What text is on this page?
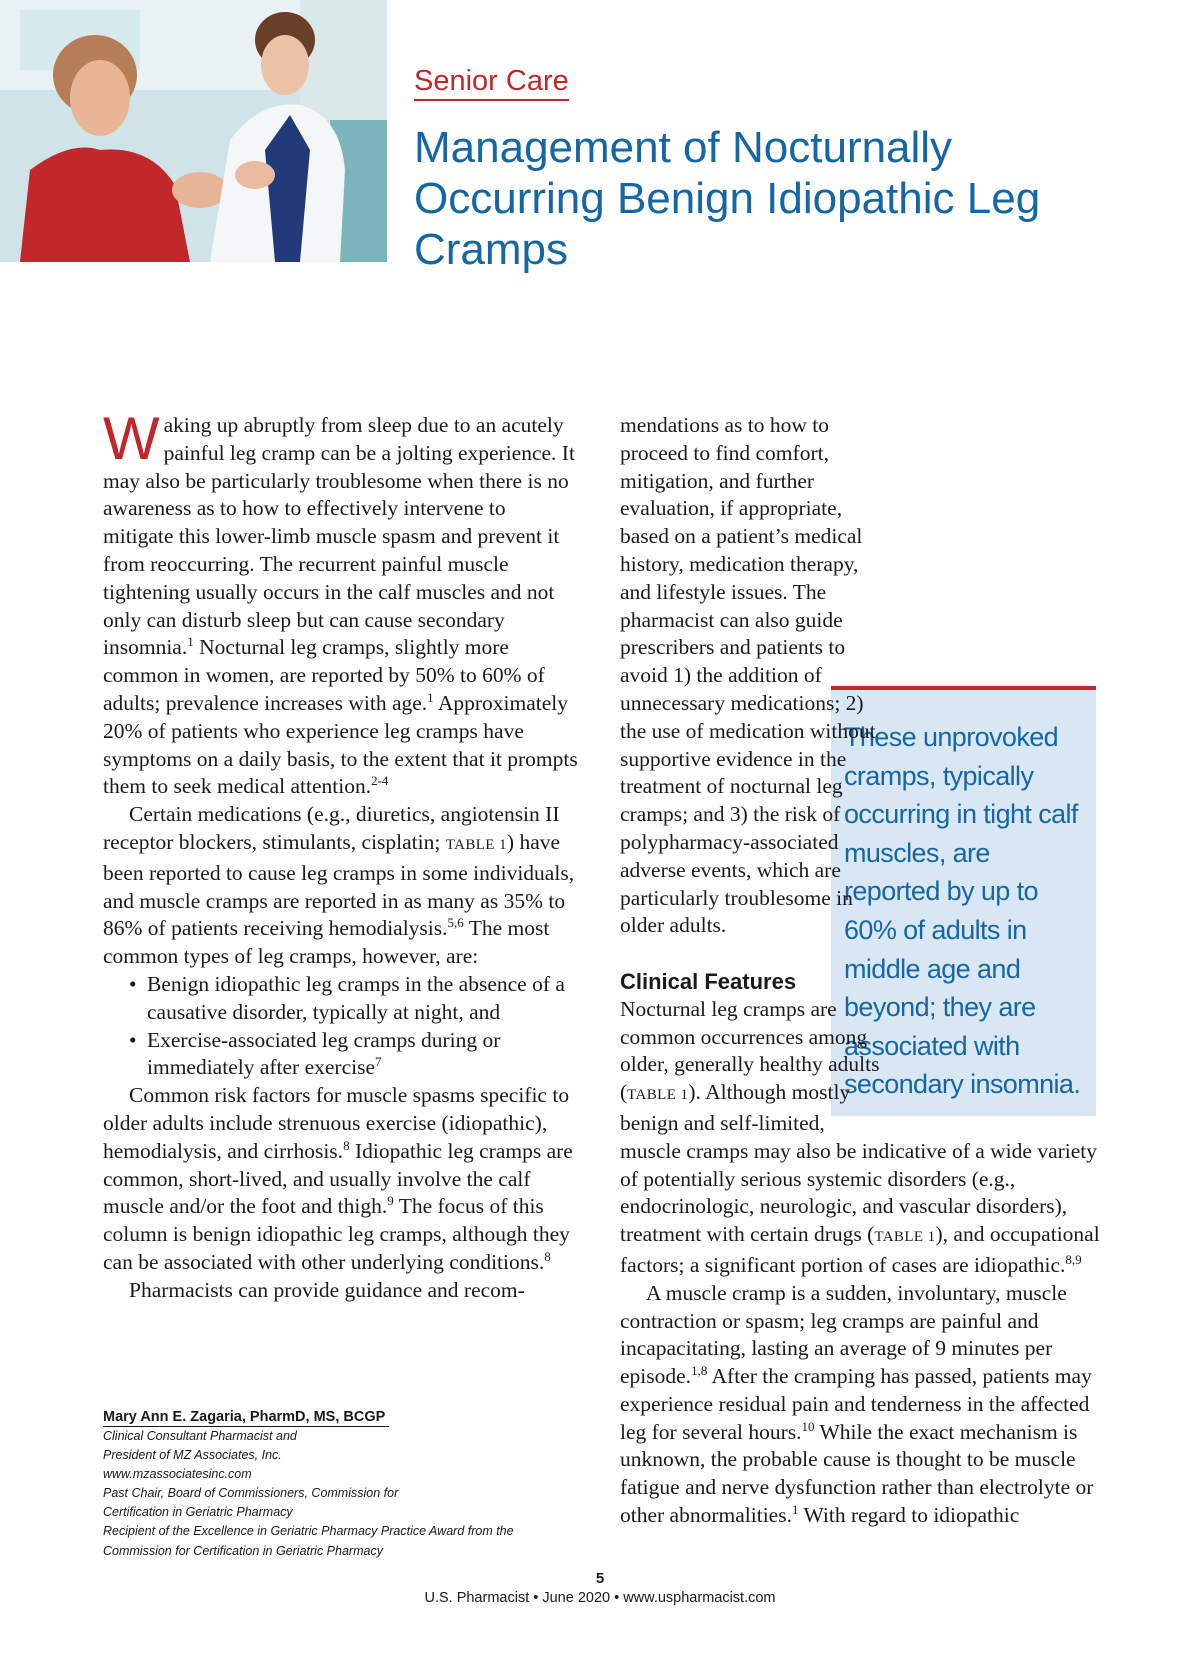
Senior Care
Management of Nocturnally Occurring Benign Idiopathic Leg Cramps

Waking up abruptly from sleep due to an acutely painful leg cramp can be a jolting experience. It may also be particularly troublesome when there is no awareness as to how to effectively intervene to mitigate this lower-limb muscle spasm and prevent it from reoccurring. The recurrent painful muscle tightening usually occurs in the calf muscles and not only can disturb sleep but can cause secondary insomnia.$^1$ Nocturnal leg cramps, slightly more common in women, are reported by 50% to 60% of adults; prevalence increases with age.$^1$ Approximately 20% of patients who experience leg cramps have symptoms on a daily basis, to the extent that it prompts them to seek medical attention.$^{2-4}$

Certain medications (e.g., diuretics, angiotensin II receptor blockers, stimulants, cisplatin; TABLE 1) have been reported to cause leg cramps in some individuals, and muscle cramps are reported in as many as 35% to 86% of patients receiving hemodialysis.$^{5,6}$ The most common types of leg cramps, however, are:

• Benign idiopathic leg cramps in the absence of a causative disorder, typically at night, and
• Exercise-associated leg cramps during or immediately after exercise$^7$

Common risk factors for muscle spasms specific to older adults include strenuous exercise (idiopathic), hemodialysis, and cirrhosis.$^8$ Idiopathic leg cramps are common, short-lived, and usually involve the calf muscle and/or the foot and thigh.$^9$ The focus of this column is benign idiopathic leg cramps, although they can be associated with other underlying conditions.$^8$

Pharmacists can provide guidance and recom-

Mary Ann E. Zagaria, PharmD, MS, BCGP
Clinical Consultant Pharmacist and
President of MZ Associates, Inc.
www.mzassociatesinc.com
Past Chair, Board of Commissioners, Commission for
Certification in Geriatric Pharmacy
Recipient of the Excellence in Geriatric Pharmacy Practice Award from the
Commission for Certification in Geriatric Pharmacy
These unprovoked cramps, typically occurring in tight calf muscles, are reported by up to 60% of adults in middle age and beyond; they are associated with secondary insomnia.

mendations as to how to proceed to find comfort, mitigation, and further evaluation, if appropriate, based on a patient’s medical history, medication therapy, and lifestyle issues. The pharmacist can also guide prescribers and patients to avoid 1) the addition of unnecessary medications; 2) the use of medication without supportive evidence in the treatment of nocturnal leg cramps; and 3) the risk of polypharmacy-associated adverse events, which are particularly troublesome in older adults.

Clinical Features

Nocturnal leg cramps are common occurrences among older, generally healthy adults (TABLE 1). Although mostly benign and self-limited, muscle cramps may also be indicative of a wide variety of potentially serious systemic disorders (e.g., endocrinologic, neurologic, and vascular disorders), treatment with certain drugs (TABLE 1), and occupational factors; a significant portion of cases are idiopathic.$^{8,9}$

A muscle cramp is a sudden, involuntary, muscle contraction or spasm; leg cramps are painful and incapacitating, lasting an average of 9 minutes per episode.$^{1,8}$ After the cramping has passed, patients may experience residual pain and tenderness in the affected leg for several hours.$^{10}$ While the exact mechanism is unknown, the probable cause is thought to be muscle fatigue and nerve dysfunction rather than electrolyte or other abnormalities.$^1$ With regard to idiopathic

5
U.S. Pharmacist • June 2020 • www.uspharmacist.com
